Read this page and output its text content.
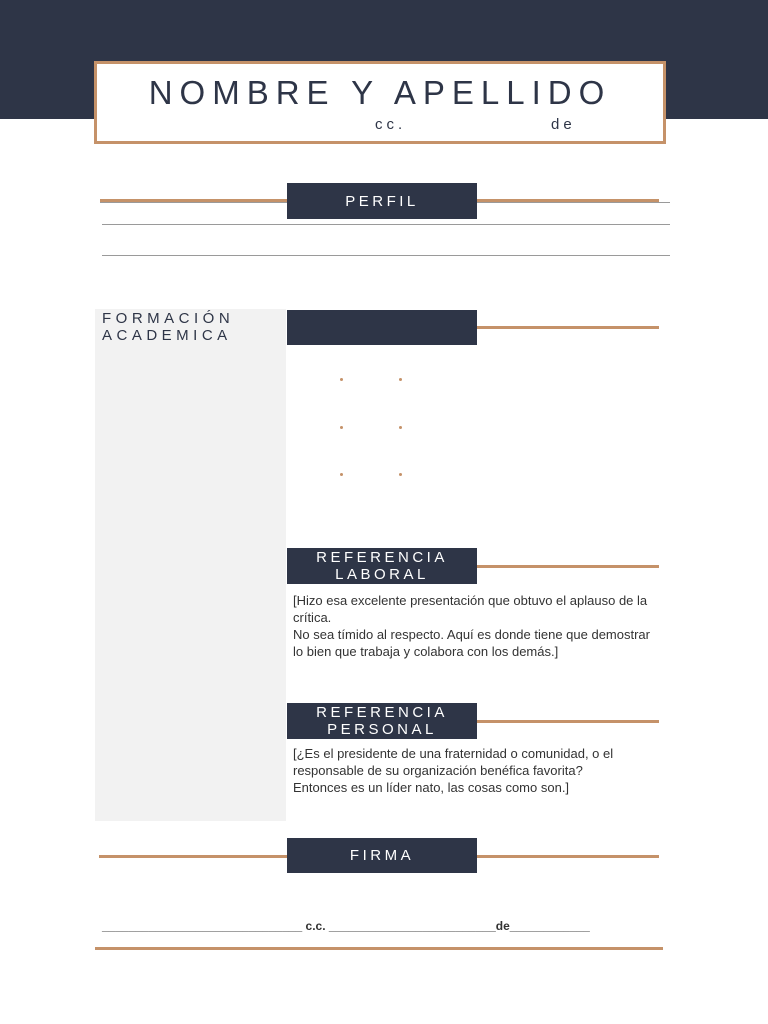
NOMBRE Y APELLIDO
cc.	de
PERFIL
FORMACIÓN
ACADEMICA
REFERENCIA
LABORAL
[Hizo esa excelente presentación que obtuvo el aplauso de la crítica.
No sea tímido al respecto. Aquí es donde tiene que demostrar lo bien que trabaja y colabora con los demás.]
REFERENCIA
PERSONAL
[¿Es el presidente de una fraternidad o comunidad, o el responsable de su organización benéfica favorita?
Entonces es un líder nato, las cosas como son.]
FIRMA
______________________________ c.c. _________________________de____________
